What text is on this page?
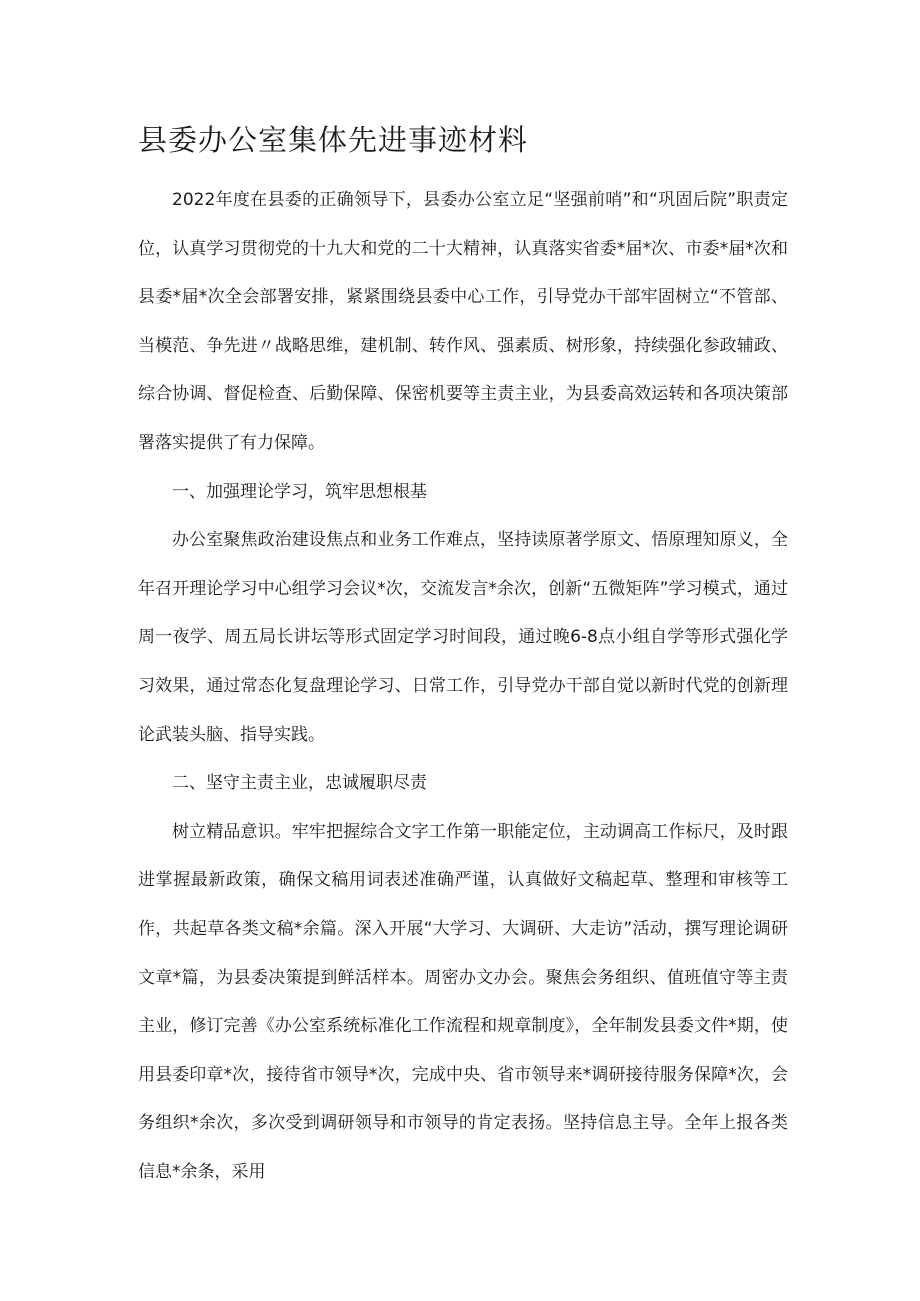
县委办公室集体先进事迹材料

2022年度在县委的正确领导下，县委办公室立足“坚强前哨”和“巩固后院”职责定位，认真学习贯彻党的十九大和党的二十大精神，认真落实省委*届*次、市委*届*次和县委*届*次全会部署安排，紧紧围绕县委中心工作，引导党办干部牢固树立“不管部、当模范、争先进〃战略思维，建机制、转作风、强素质、树形象，持续强化参政辅政、综合协调、督促检查、后勤保障、保密机要等主责主业，为县委高效运转和各项决策部署落实提供了有力保障。

一、加强理论学习，筑牢思想根基

办公室聚焦政治建设焦点和业务工作难点，坚持读原著学原文、悟原理知原义，全年召开理论学习中心组学习会议*次，交流发言*余次，创新“五微矩阵”学习模式，通过周一夜学、周五局长讲坛等形式固定学习时间段，通过晚6-8点小组自学等形式强化学习效果，通过常态化复盘理论学习、日常工作，引导党办干部自觉以新时代党的创新理论武装头脑、指导实践。

二、坚守主责主业，忠诚履职尽责

树立精品意识。牢牢把握综合文字工作第一职能定位，主动调高工作标尺，及时跟进掌握最新政策，确保文稿用词表述准确严谨，认真做好文稿起草、整理和审核等工作，共起草各类文稿*余篇。深入开展“大学习、大调研、大走访”活动，撰写理论调研文章*篇，为县委决策提到鲜活样本。周密办文办会。聚焦会务组织、值班值守等主责主业，修订完善《办公室系统标准化工作流程和规章制度》，全年制发县委文件*期，使用县委印章*次，接待省市领导*次，完成中央、省市领导来*调研接待服务保障*次，会务组织*余次，多次受到调研领导和市领导的肯定表扬。坚持信息主导。全年上报各类信息*余条，采用
